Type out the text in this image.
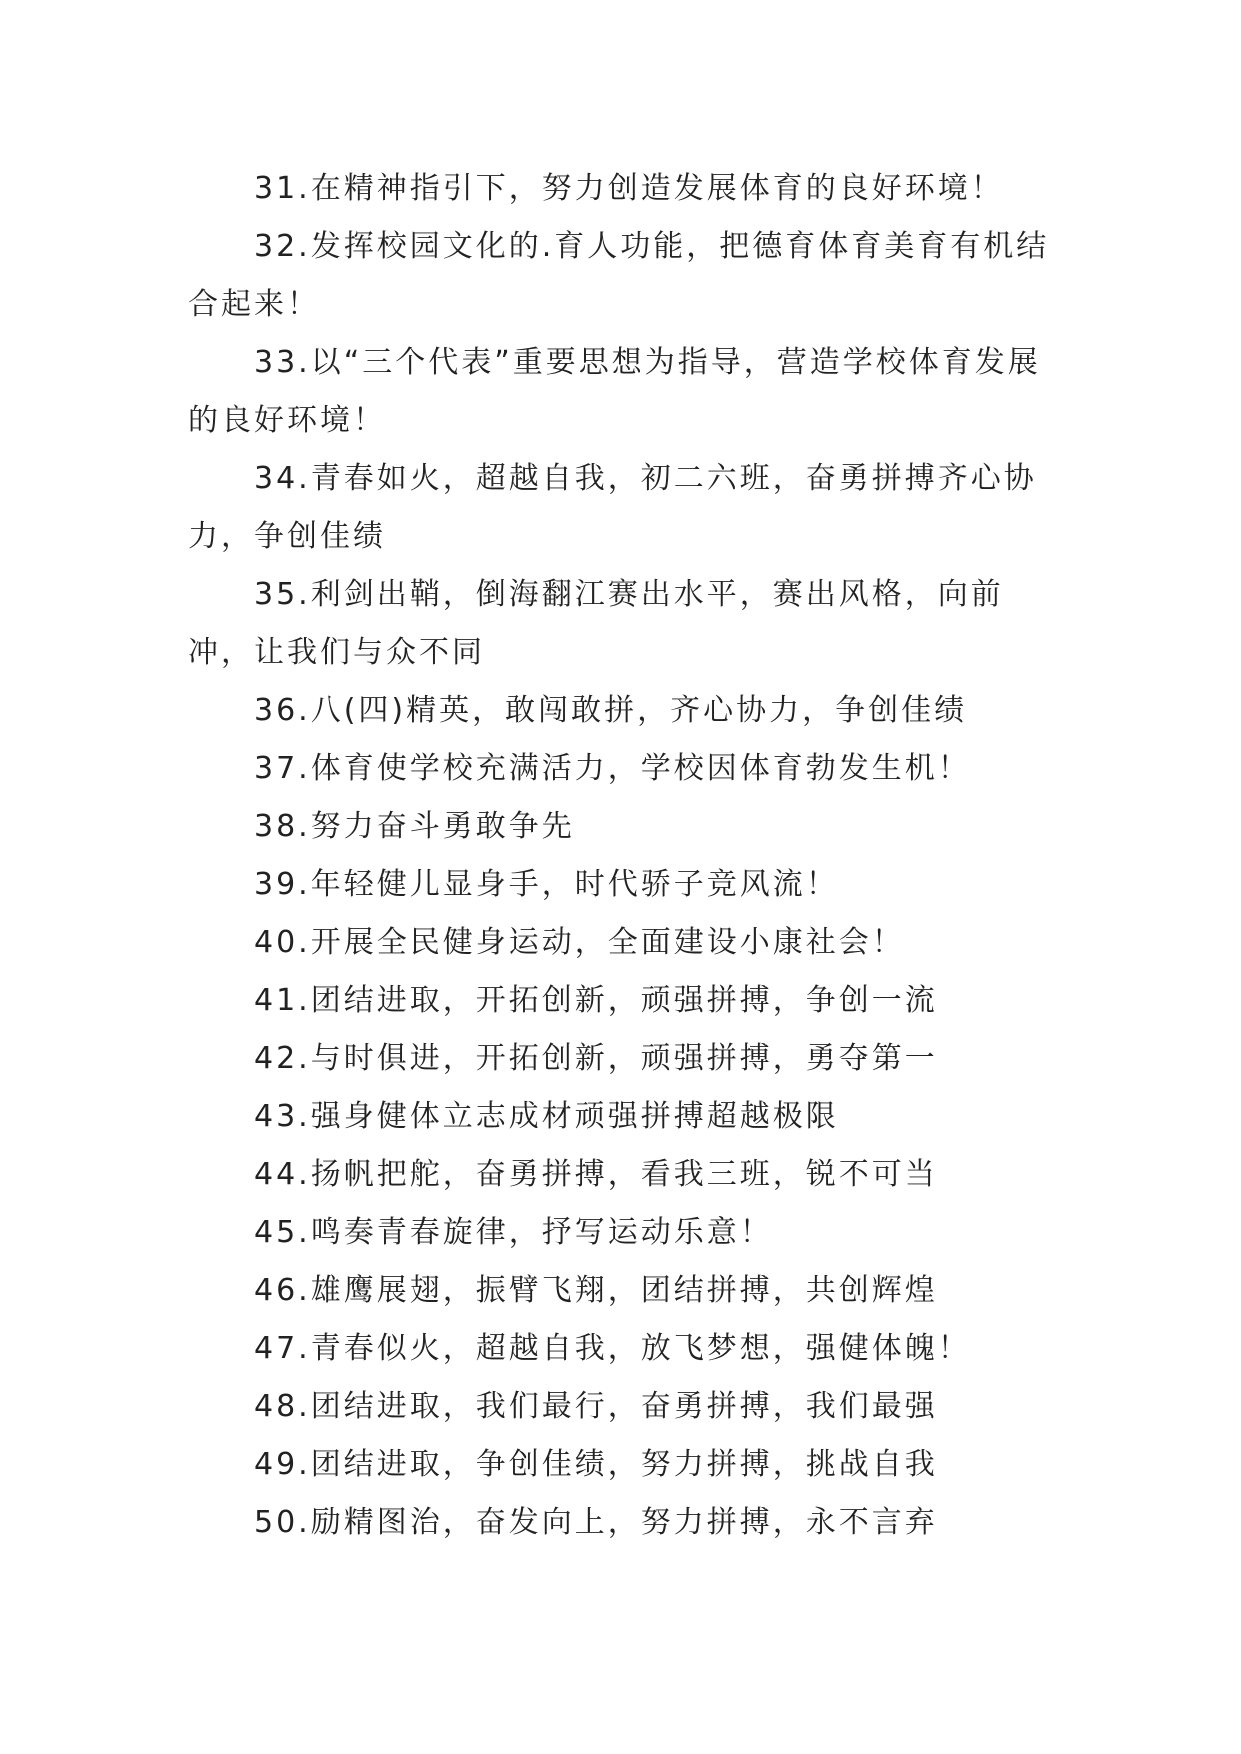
31.在精神指引下，努力创造发展体育的良好环境！

32.发挥校园文化的.育人功能，把德育体育美育有机结合起来！

33.以“三个代表”重要思想为指导，营造学校体育发展的良好环境！

34.青春如火，超越自我，初二六班，奋勇拼搏齐心协力，争创佳绩

35.利剑出鞘，倒海翻江赛出水平，赛出风格，向前冲，让我们与众不同

36.八(四)精英，敢闯敢拼，齐心协力，争创佳绩

37.体育使学校充满活力，学校因体育勃发生机！

38.努力奋斗勇敢争先

39.年轻健儿显身手，时代骄子竞风流！

40.开展全民健身运动，全面建设小康社会！

41.团结进取，开拓创新，顽强拼搏，争创一流

42.与时俱进，开拓创新，顽强拼搏，勇夺第一

43.强身健体立志成材顽强拼搏超越极限

44.扬帆把舵，奋勇拼搏，看我三班，锐不可当

45.鸣奏青春旋律，抒写运动乐意！

46.雄鹰展翅，振臂飞翔，团结拼搏，共创辉煌

47.青春似火，超越自我，放飞梦想，强健体魄！

48.团结进取，我们最行，奋勇拼搏，我们最强

49.团结进取，争创佳绩，努力拼搏，挑战自我

50.励精图治，奋发向上，努力拼搏，永不言弃
